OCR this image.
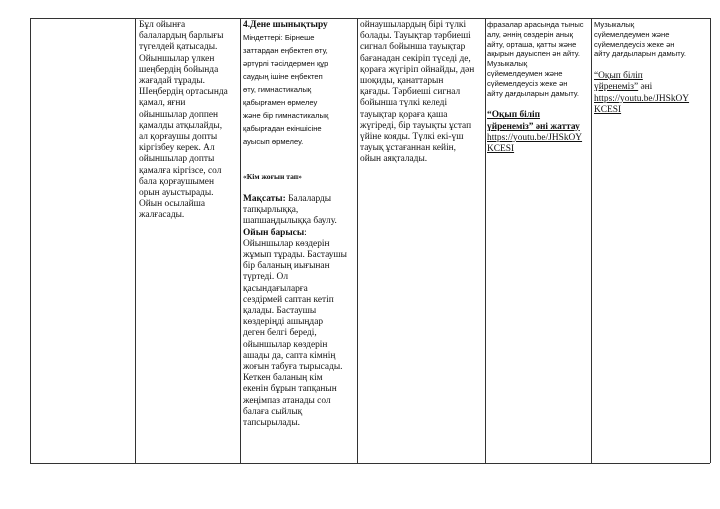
Бұл ойынға
балалардың барлығы
түгелдей қатысады.
Ойыншылар үлкен
шеңбердің бойында
жағадай тұрады.
Шеңбердің ортасында
қамал, яғни
ойыншылар доппен
қамалды атқылайды,
ал қорғаушы допты
кіргізбеу керек. Ал
ойыншылар допты
қамалға кіргізсе, сол
бала қорғаушымен
орын ауыстырады.
Ойын осылайша
жалғасады.
4.Дене шынықтыру
Міндеттері: Бірнеше
заттардан еңбектеп өту,
әртүрлі тәсілдермен құр
саудың ішіне еңбектеп
өту, гимнастикалық
қабырғамен өрмелеу
және бір гимнастикалық
қабырғадан екіншісіне
ауысып өрмелеу.
«Кім жоғын тап»
Мақсаты: Балаларды
тапқырлыққа,
шапшаңдылыққа баулу.
Ойын барысы:
Ойыншылар көздерін
жұмып тұрады. Бастаушы
бір баланың иығынан
түртеді. Ол
қасындағыларға
сездірмей саптан кетіп
қалады. Бастаушы
көздеріңді ашыңдар
деген белгі береді,
ойыншылар көздерін
ашады да, сапта кімнің
жоғын табуға тырысады.
Кеткен баланың кім
екенін бұрын тапқанын
жеңімпаз атанады сол
балаға сыйлық
тапсырылады.
ойнаушылардың бірі түлкі
болады. Тауықтар тәрбиеші
сигнал бойынша тауықтар
бағанадан секіріп түседі де,
қораға жүгіріп ойнайды, дән
шоқиды, қанаттарын
қағады. Тәрбиеші сигнал
бойынша түлкі келеді
тауықтар қораға қаша
жүгіреді, бір тауықты ұстап
үйіне кояды. Түлкі екі-үш
тауық ұстағаннан кейін,
ойын аяқталады.
фразалар арасында тыныс
алу, әннің сөздерін анық
айту, орташа, қатты және
ақырын дауыспен ән айту.
Музыкалық
сүйемелдеумен және
сүйемелдеусіз жеке ән
айту дағдыларын дамыту.
“Оқып біліп
үйренеміз” әні жаттау
https://youtu.be/JHSkOY
KCESI
Музыкалық
сүйемелдеумен және
сүйемелдеусіз жеке ән
айту дағдыларын дамыту.
“Оқып біліп
үйренеміз” әні
https://youtu.be/JHSkOY
KCESI
